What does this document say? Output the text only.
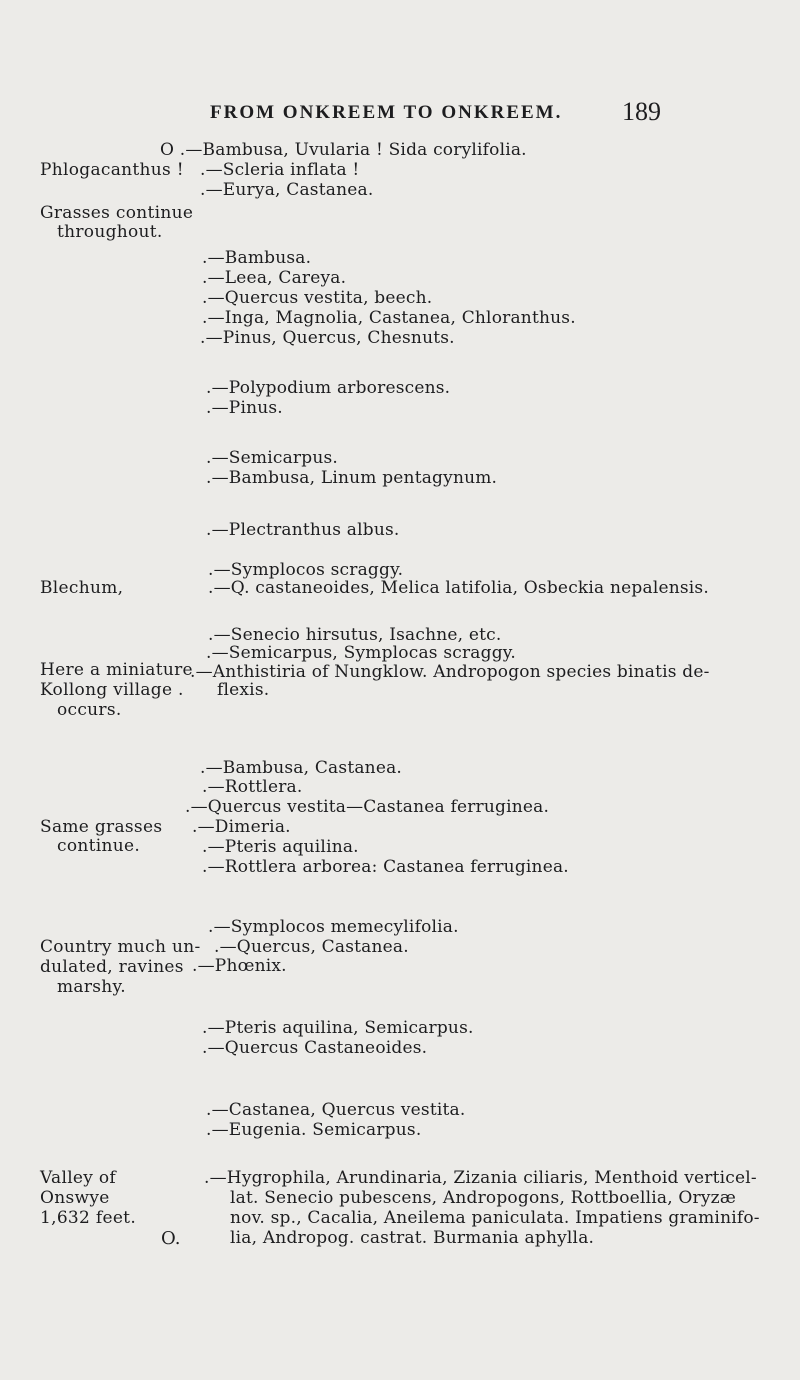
FROM ONKREEM TO ONKREEM. 189
Phlogacanthus !
Grasses continue
throughout.
Blechum,
Here a miniature
Kollong village .
occurs.
Same grasses
continue.
Country much un-
dulated, ravines
marshy.
Valley of
Onswye
1,632 feet.
O.
O .—Bambusa, Uvularia ! Sida corylifolia.
.—Scleria inflata !
.—Eurya, Castanea.
.—Bambusa.
.—Leea, Careya.
.—Quercus vestita, beech.
.—Inga, Magnolia, Castanea, Chloranthus.
.—Pinus, Quercus, Chesnuts.
.—Polypodium arborescens.
.—Pinus.
.—Semicarpus.
.—Bambusa, Linum pentagynum.
.—Plectranthus albus.
.—Symplocos scraggy.
.—Q. castaneoides, Melica latifolia, Osbeckia nepalensis.
.—Senecio hirsutus, Isachne, etc.
.—Semicarpus, Symplocas scraggy.
.—Anthistiria of Nungklow. Andropogon species binatis de-
flexis.
.—Bambusa, Castanea.
.—Rottlera.
.—Quercus vestita—Castanea ferruginea.
.—Dimeria.
.—Pteris aquilina.
.—Rottlera arborea: Castanea ferruginea.
.—Symplocos memecylifolia.
.—Quercus, Castanea.
.—Phœnix.
.—Pteris aquilina, Semicarpus.
.—Quercus Castaneoides.
.—Castanea, Quercus vestita.
.—Eugenia. Semicarpus.
.—Hygrophila, Arundinaria, Zizania ciliaris, Menthoid verticel-
lat. Senecio pubescens, Andropogons, Rottboellia, Oryzæ
nov. sp., Cacalia, Aneilema paniculata. Impatiens graminifo-
lia, Andropog. castrat. Burmania aphylla.
